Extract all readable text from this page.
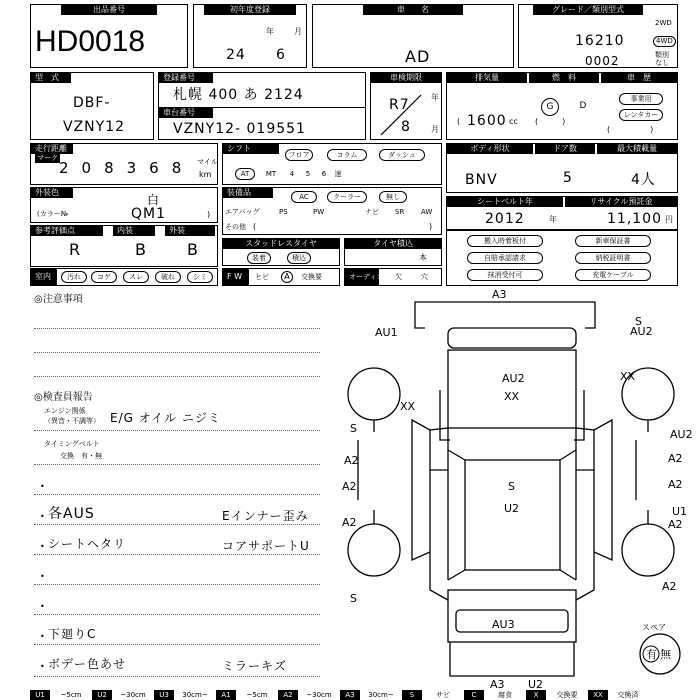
出品番号
HD0018
初年度登録
年	月
24 6
車　　名
AD
グレード／類別型式
16210
0002
2WD
4WD
類別なし
型　式
DBF-
VZNY12
登録番号
札幌 400 あ 2124
車台番号
VZNY12- 019551
車検期限
年
月
R7
8
排気量	燃　料	車　歴
1600 cc
(
G	D
(　　　)
事業用
レンタカー
(　　　　　)
走行距離
マーク
208368 マイル
km
シフト
フロア	コラム	ダッシュ
AT	MT	4	5	6	速
ボディ形状	ドア数	最大積載量
BNV	5	4人
外装色
白
(カラー№	QM1	)
装備品	AC	クーラー	無し
エアバッグ	PS	PW	ナビ SR AW
その他 (	)
シートベルト年	リサイクル預託金
2012	年	11,100 円
参考評価点	内装	外装
R	B	B	スタッドレスタイヤ
装着	積込
タイヤ積込
本
搬入時着板付	新車保証書
自賠承認請求	納税証明書
抹消受付可	充電ケーブル
室内	汚れ	コゲ	スレ	破れ	シミ	F W	ヒビ	A	交換要	オーディオ 欠	穴
◎注意事項
◎検査員報告
エンジン関係
（異音・不調等） E/G オイル ニジミ
タイミングベルト
交換　有・無
•
• 各AUS	Eインナー歪み
• シートヘタリ	コアサポートU
•
•
• 下廻りC
• ボデー色あせ	ミラーキズ
A3
AU1
AU2
XX
XX
S
AU2
S
A2
A2
A2
S
U2
AU2
A2
A2
U1
A2
A2
S
AU3
A3 U2
XX
スペア
有 無
U1	~5cm	U2	~30cm	U3	30cm~	A1	~5cm	A2	~30cm	A3	30cm~	S	サビ	C	腐食	X	交換要	XX	交換済
